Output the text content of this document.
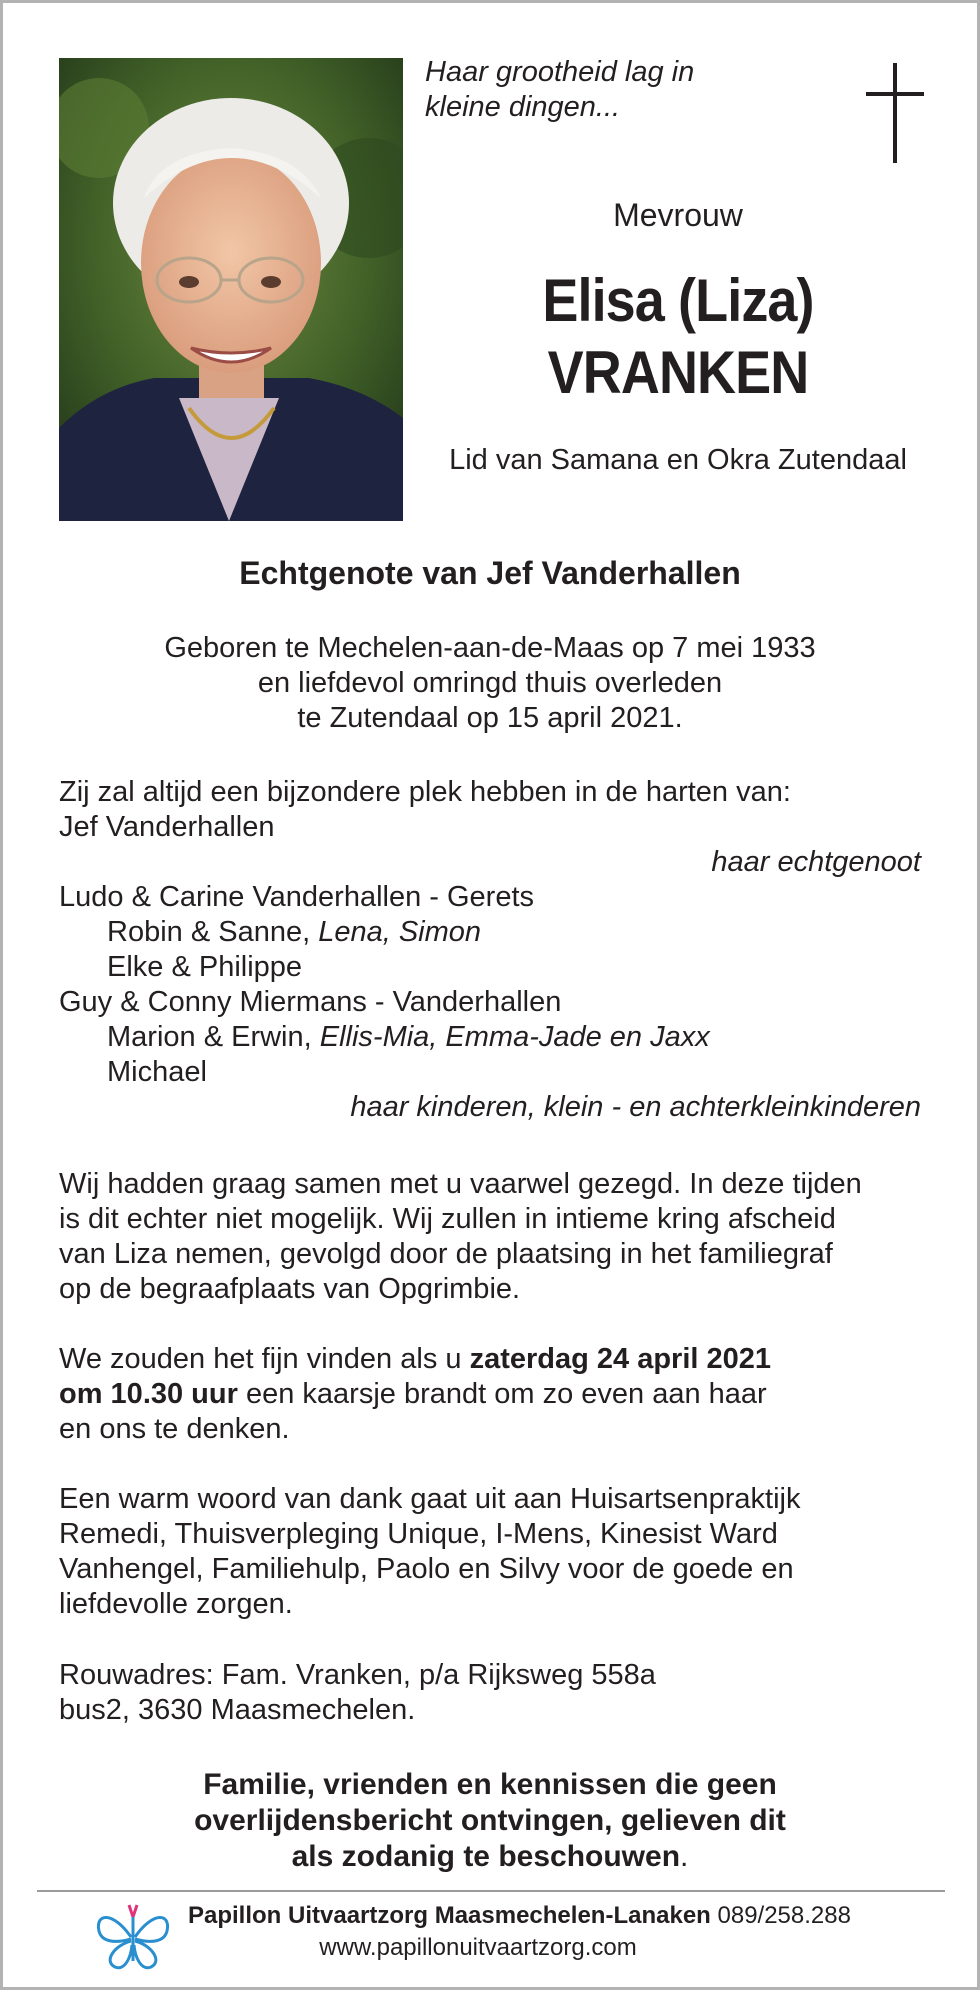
Haar grootheid lag in
kleine dingen...
Mevrouw
Elisa (Liza)
VRANKEN
Lid van Samana en Okra Zutendaal
Echtgenote van Jef Vanderhallen
Geboren te Mechelen-aan-de-Maas op 7 mei 1933
en liefdevol omringd thuis overleden
te Zutendaal op 15 april 2021.
Zij zal altijd een bijzondere plek hebben in de harten van:
Jef Vanderhallen
haar echtgenoot
Ludo & Carine Vanderhallen - Gerets
Robin & Sanne, Lena, Simon
Elke & Philippe
Guy & Conny Miermans - Vanderhallen
Marion & Erwin, Ellis-Mia, Emma-Jade en Jaxx
Michael
haar kinderen, klein - en achterkleinkinderen
Wij hadden graag samen met u vaarwel gezegd. In deze tijden
is dit echter niet mogelijk. Wij zullen in intieme kring afscheid
van Liza nemen, gevolgd door de plaatsing in het familiegraf
op de begraafplaats van Opgrimbie.
We zouden het fijn vinden als u zaterdag 24 april 2021
om 10.30 uur een kaarsje brandt om zo even aan haar
en ons te denken.
Een warm woord van dank gaat uit aan Huisartsenpraktijk
Remedi, Thuisverpleging Unique, I-Mens, Kinesist Ward
Vanhengel, Familiehulp, Paolo en Silvy voor de goede en
liefdevolle zorgen.
Rouwadres: Fam. Vranken, p/a Rijksweg 558a
bus2, 3630 Maasmechelen.
Familie, vrienden en kennissen die geen
overlijdensbericht ontvingen, gelieven dit
als zodanig te beschouwen.
Papillon Uitvaartzorg Maasmechelen-Lanaken 089/258.288
www.papillonuitvaartzorg.com
